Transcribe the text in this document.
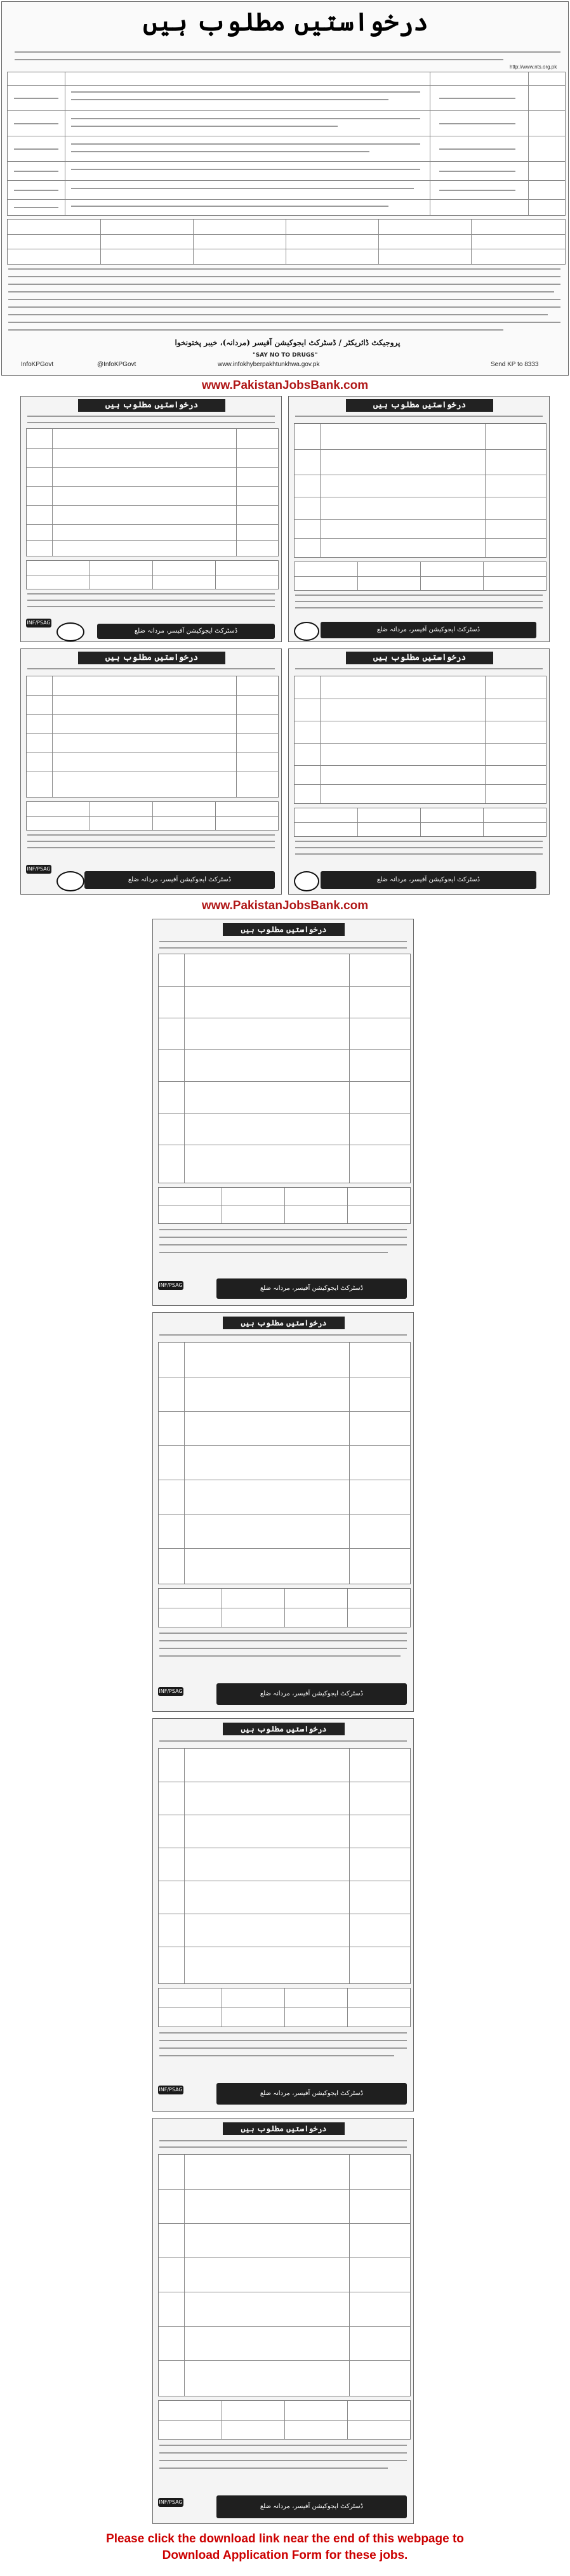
درخواستیں مطلوب ہیں
http://www.nts.org.pk
پروجیکٹ ڈائریکٹر / ڈسٹرکٹ ایجوکیشن آفیسر (مردانہ)، خیبر پختونخوا
"SAY NO TO DRUGS"
www.infokhyberpakhtunkhwa.gov.pk
InfoKPGovt	@InfoKPGovt	Send KP to 8333
www.PakistanJobsBank.com
درخواستیں مطلوب ہیں
INF/PSAG
ڈسٹرکٹ ایجوکیشن آفیسر، مردانہ ضلع
درخواستیں مطلوب ہیں
ڈسٹرکٹ ایجوکیشن آفیسر، مردانہ ضلع
درخواستیں مطلوب ہیں
INF/PSAG
ڈسٹرکٹ ایجوکیشن آفیسر، مردانہ ضلع
درخواستیں مطلوب ہیں
ڈسٹرکٹ ایجوکیشن آفیسر، مردانہ ضلع
www.PakistanJobsBank.com
درخواستیں مطلوب ہیں
INF/PSAG	ڈسٹرکٹ ایجوکیشن آفیسر، مردانہ ضلع
درخواستیں مطلوب ہیں
INF/PSAG	ڈسٹرکٹ ایجوکیشن آفیسر، مردانہ ضلع
درخواستیں مطلوب ہیں
INF/PSAG
ڈسٹرکٹ ایجوکیشن آفیسر، مردانہ ضلع
درخواستیں مطلوب ہیں
INF/PSAG
ڈسٹرکٹ ایجوکیشن آفیسر، مردانہ ضلع
Please click the download link near the end of this webpage to
Download Application Form for these jobs.
